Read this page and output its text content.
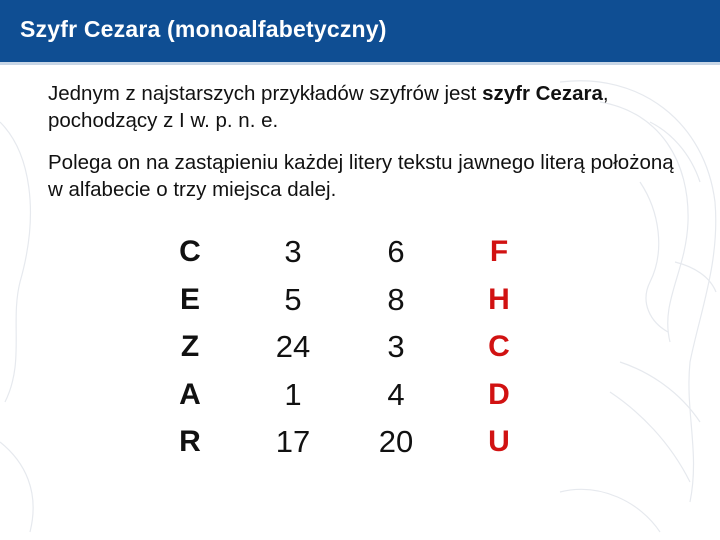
Szyfr Cezara (monoalfabetyczny)
Jednym z najstarszych przykładów szyfrów jest szyfr Cezara, pochodzący z I w. p. n. e.
Polega on na zastąpieniu każdej litery tekstu jawnego literą położoną w alfabecie o trzy miejsca dalej.
C
E
Z
A
R
3
5
24
1
17
6
8
3
4
20
F
H
C
D
U
